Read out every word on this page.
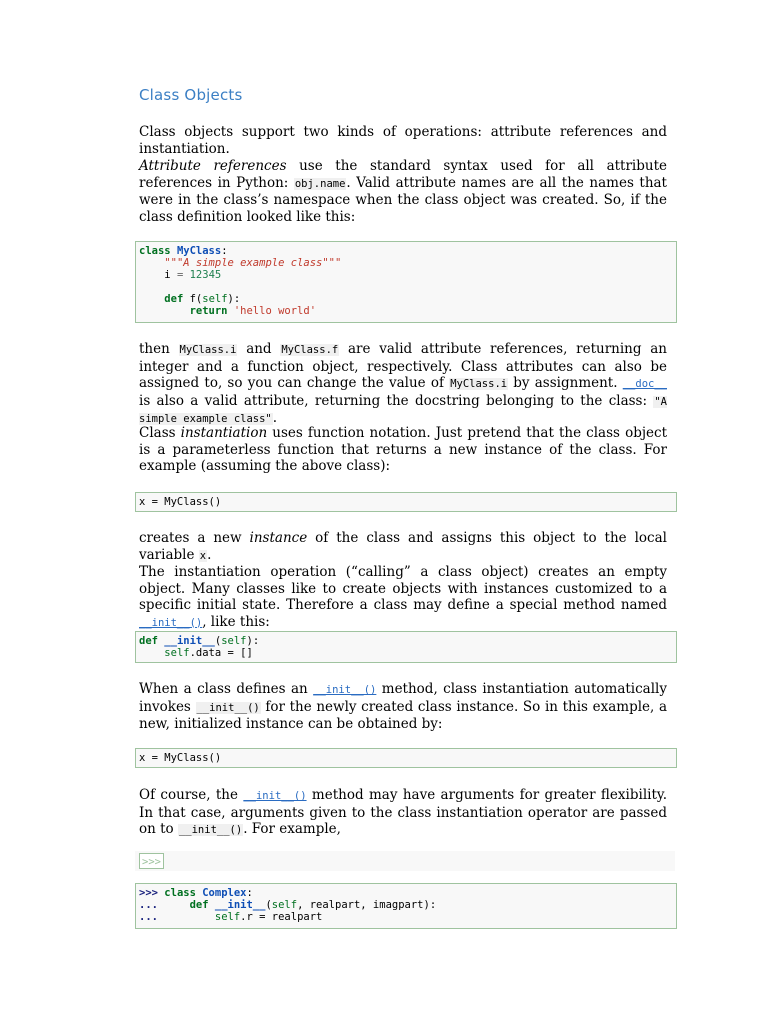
Class Objects

Class objects support two kinds of operations: attribute references and instantiation.

Attribute references use the standard syntax used for all attribute references in Python: obj.name. Valid attribute names are all the names that were in the class’s namespace when the class object was created. So, if the class definition looked like this:

class MyClass:
"""A simple example class"""
i = 12345

def f(self):
return 'hello world'

then MyClass.i and MyClass.f are valid attribute references, returning an integer and a function object, respectively. Class attributes can also be assigned to, so you can change the value of MyClass.i by assignment. __doc__ is also a valid attribute, returning the docstring belonging to the class: "A simple example class".

Class instantiation uses function notation. Just pretend that the class object is a parameterless function that returns a new instance of the class. For example (assuming the above class):

x = MyClass()

creates a new instance of the class and assigns this object to the local variable x.

The instantiation operation (“calling” a class object) creates an empty object. Many classes like to create objects with instances customized to a specific initial state. Therefore a class may define a special method named __init__(), like this:

def __init__(self):
self.data = []

When a class defines an __init__() method, class instantiation automatically invokes __init__() for the newly created class instance. So in this example, a new, initialized instance can be obtained by:

x = MyClass()

Of course, the __init__() method may have arguments for greater flexibility. In that case, arguments given to the class instantiation operator are passed on to __init__(). For example,

>>>
>>> class Complex:
...	def __init__(self, realpart, imagpart):
...	self.r = realpart
